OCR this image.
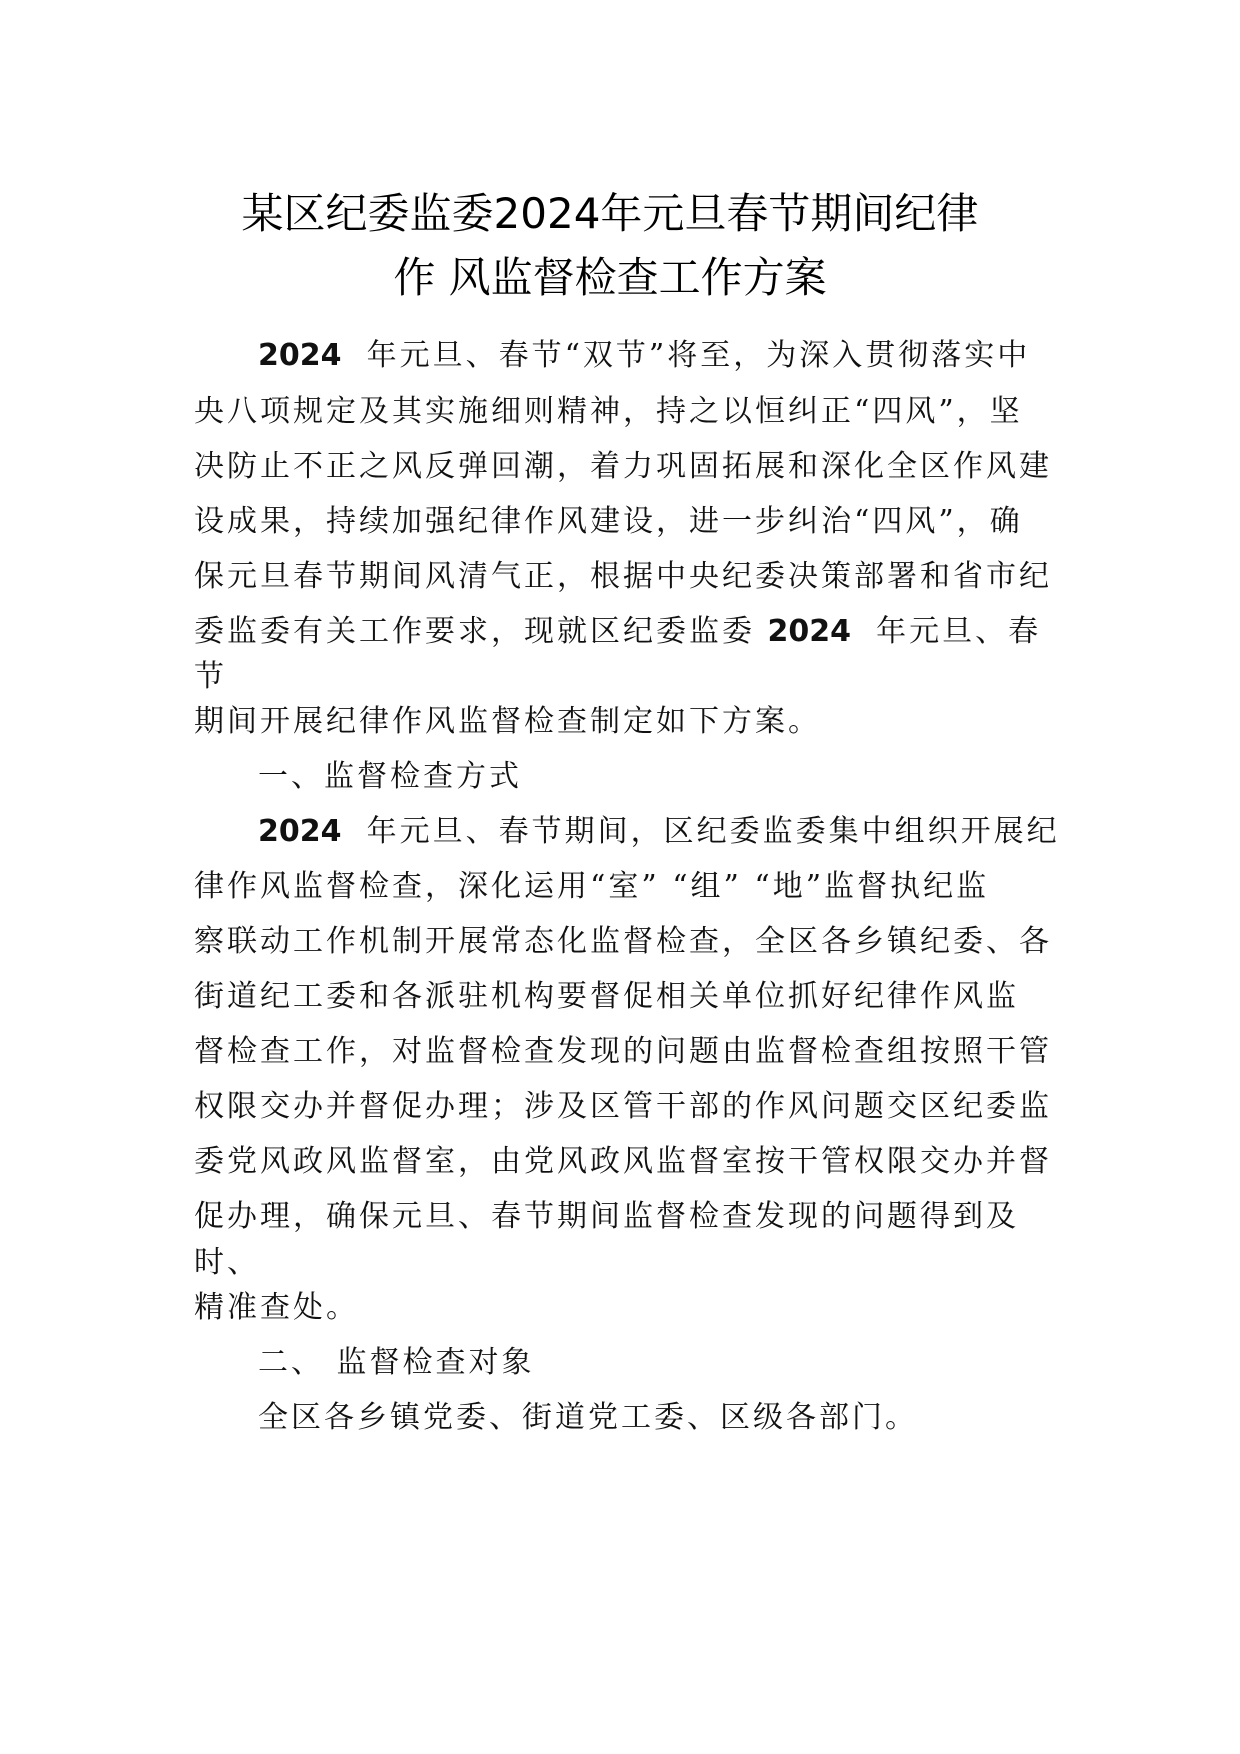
某区纪委监委2024年元旦春节期间纪律
作 风监督检查工作方案
2024 年元旦、春节“双节”将至，为深入贯彻落实中
央八项规定及其实施细则精神，持之以恒纠正“四风”，坚
决防止不正之风反弹回潮，着力巩固拓展和深化全区作风建
设成果，持续加强纪律作风建设，进一步纠治“四风”，确
保元旦春节期间风清气正，根据中央纪委决策部署和省市纪
委监委有关工作要求，现就区纪委监委 2024 年元旦、春
节
期间开展纪律作风监督检查制定如下方案。
一、监督检查方式
2024 年元旦、春节期间，区纪委监委集中组织开展纪
律作风监督检查，深化运用“室” “组” “地”监督执纪监
察联动工作机制开展常态化监督检查，全区各乡镇纪委、各
街道纪工委和各派驻机构要督促相关单位抓好纪律作风监
督检查工作，对监督检查发现的问题由监督检查组按照干管
权限交办并督促办理；涉及区管干部的作风问题交区纪委监
委党风政风监督室，由党风政风监督室按干管权限交办并督
促办理，确保元旦、春节期间监督检查发现的问题得到及
时、
精准查处。
二、 监督检查对象
全区各乡镇党委、街道党工委、区级各部门。
